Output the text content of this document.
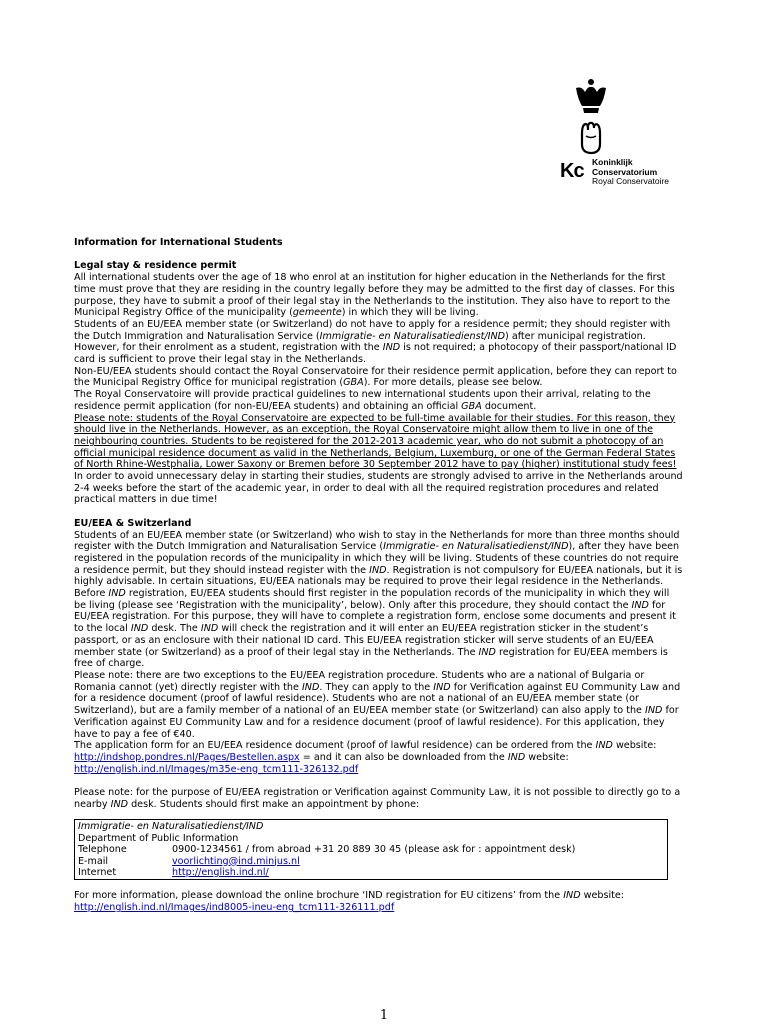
Kc Koninklijk
Conservatorium
Royal Conservatoire

Information for International Students

Legal stay & residence permit

All international students over the age of 18 who enrol at an institution for higher education in the Netherlands for the first time must prove that they are residing in the country legally before they may be admitted to the first day of classes. For this purpose, they have to submit a proof of their legal stay in the Netherlands to the institution. They also have to report to the Municipal Registry Office of the municipality (gemeente) in which they will be living.

Students of an EU/EEA member state (or Switzerland) do not have to apply for a residence permit; they should register with the Dutch Immigration and Naturalisation Service (Immigratie- en Naturalisatiedienst/IND) after municipal registration. However, for their enrolment as a student, registration with the IND is not required; a photocopy of their passport/national ID card is sufficient to prove their legal stay in the Netherlands.

Non-EU/EEA students should contact the Royal Conservatoire for their residence permit application, before they can report to the Municipal Registry Office for municipal registration (GBA). For more details, please see below.

The Royal Conservatoire will provide practical guidelines to new international students upon their arrival, relating to the residence permit application (for non-EU/EEA students) and obtaining an official GBA document.

Please note: students of the Royal Conservatoire are expected to be full-time available for their studies. For this reason, they should live in the Netherlands. However, as an exception, the Royal Conservatoire might allow them to live in one of the neighbouring countries. Students to be registered for the 2012-2013 academic year, who do not submit a photocopy of an official municipal residence document as valid in the Netherlands, Belgium, Luxemburg, or one of the German Federal States of North Rhine-Westphalia, Lower Saxony or Bremen before 30 September 2012 have to pay (higher) institutional study fees!

In order to avoid unnecessary delay in starting their studies, students are strongly advised to arrive in the Netherlands around 2-4 weeks before the start of the academic year, in order to deal with all the required registration procedures and related practical matters in due time!

EU/EEA & Switzerland

Students of an EU/EEA member state (or Switzerland) who wish to stay in the Netherlands for more than three months should register with the Dutch Immigration and Naturalisation Service (Immigratie- en Naturalisatiedienst/IND), after they have been registered in the population records of the municipality in which they will be living. Students of these countries do not require a residence permit, but they should instead register with the IND. Registration is not compulsory for EU/EEA nationals, but it is highly advisable. In certain situations, EU/EEA nationals may be required to prove their legal residence in the Netherlands.

Before IND registration, EU/EEA students should first register in the population records of the municipality in which they will be living (please see ‘Registration with the municipality’, below). Only after this procedure, they should contact the IND for EU/EEA registration. For this purpose, they will have to complete a registration form, enclose some documents and present it to the local IND desk. The IND will check the registration and it will enter an EU/EEA registration sticker in the student’s passport, or as an enclosure with their national ID card. This EU/EEA registration sticker will serve students of an EU/EEA member state (or Switzerland) as a proof of their legal stay in the Netherlands. The IND registration for EU/EEA members is free of charge.

Please note: there are two exceptions to the EU/EEA registration procedure. Students who are a national of Bulgaria or Romania cannot (yet) directly register with the IND. They can apply to the IND for Verification against EU Community Law and for a residence document (proof of lawful residence). Students who are not a national of an EU/EEA member state (or Switzerland), but are a family member of a national of an EU/EEA member state (or Switzerland) can also apply to the IND for Verification against EU Community Law and for a residence document (proof of lawful residence). For this application, they have to pay a fee of €40.

The application form for an EU/EEA residence document (proof of lawful residence) can be ordered from the IND website: http://indshop.pondres.nl/Pages/Bestellen.aspx = and it can also be downloaded from the IND website: http://english.ind.nl/Images/m35e-eng_tcm111-326132.pdf

Please note: for the purpose of EU/EEA registration or Verification against Community Law, it is not possible to directly go to a nearby IND desk. Students should first make an appointment by phone:

Immigratie- en Naturalisatiedienst/IND	
Department of Public Information	
Telephone	0900-1234561 / from abroad +31 20 889 30 45 (please ask for : appointment desk)
E-mail	voorlichting@ind.minjus.nl
Internet	http://english.ind.nl/

For more information, please download the online brochure ‘IND registration for EU citizens’ from the IND website: http://english.ind.nl/Images/ind8005-ineu-eng_tcm111-326111.pdf

1
